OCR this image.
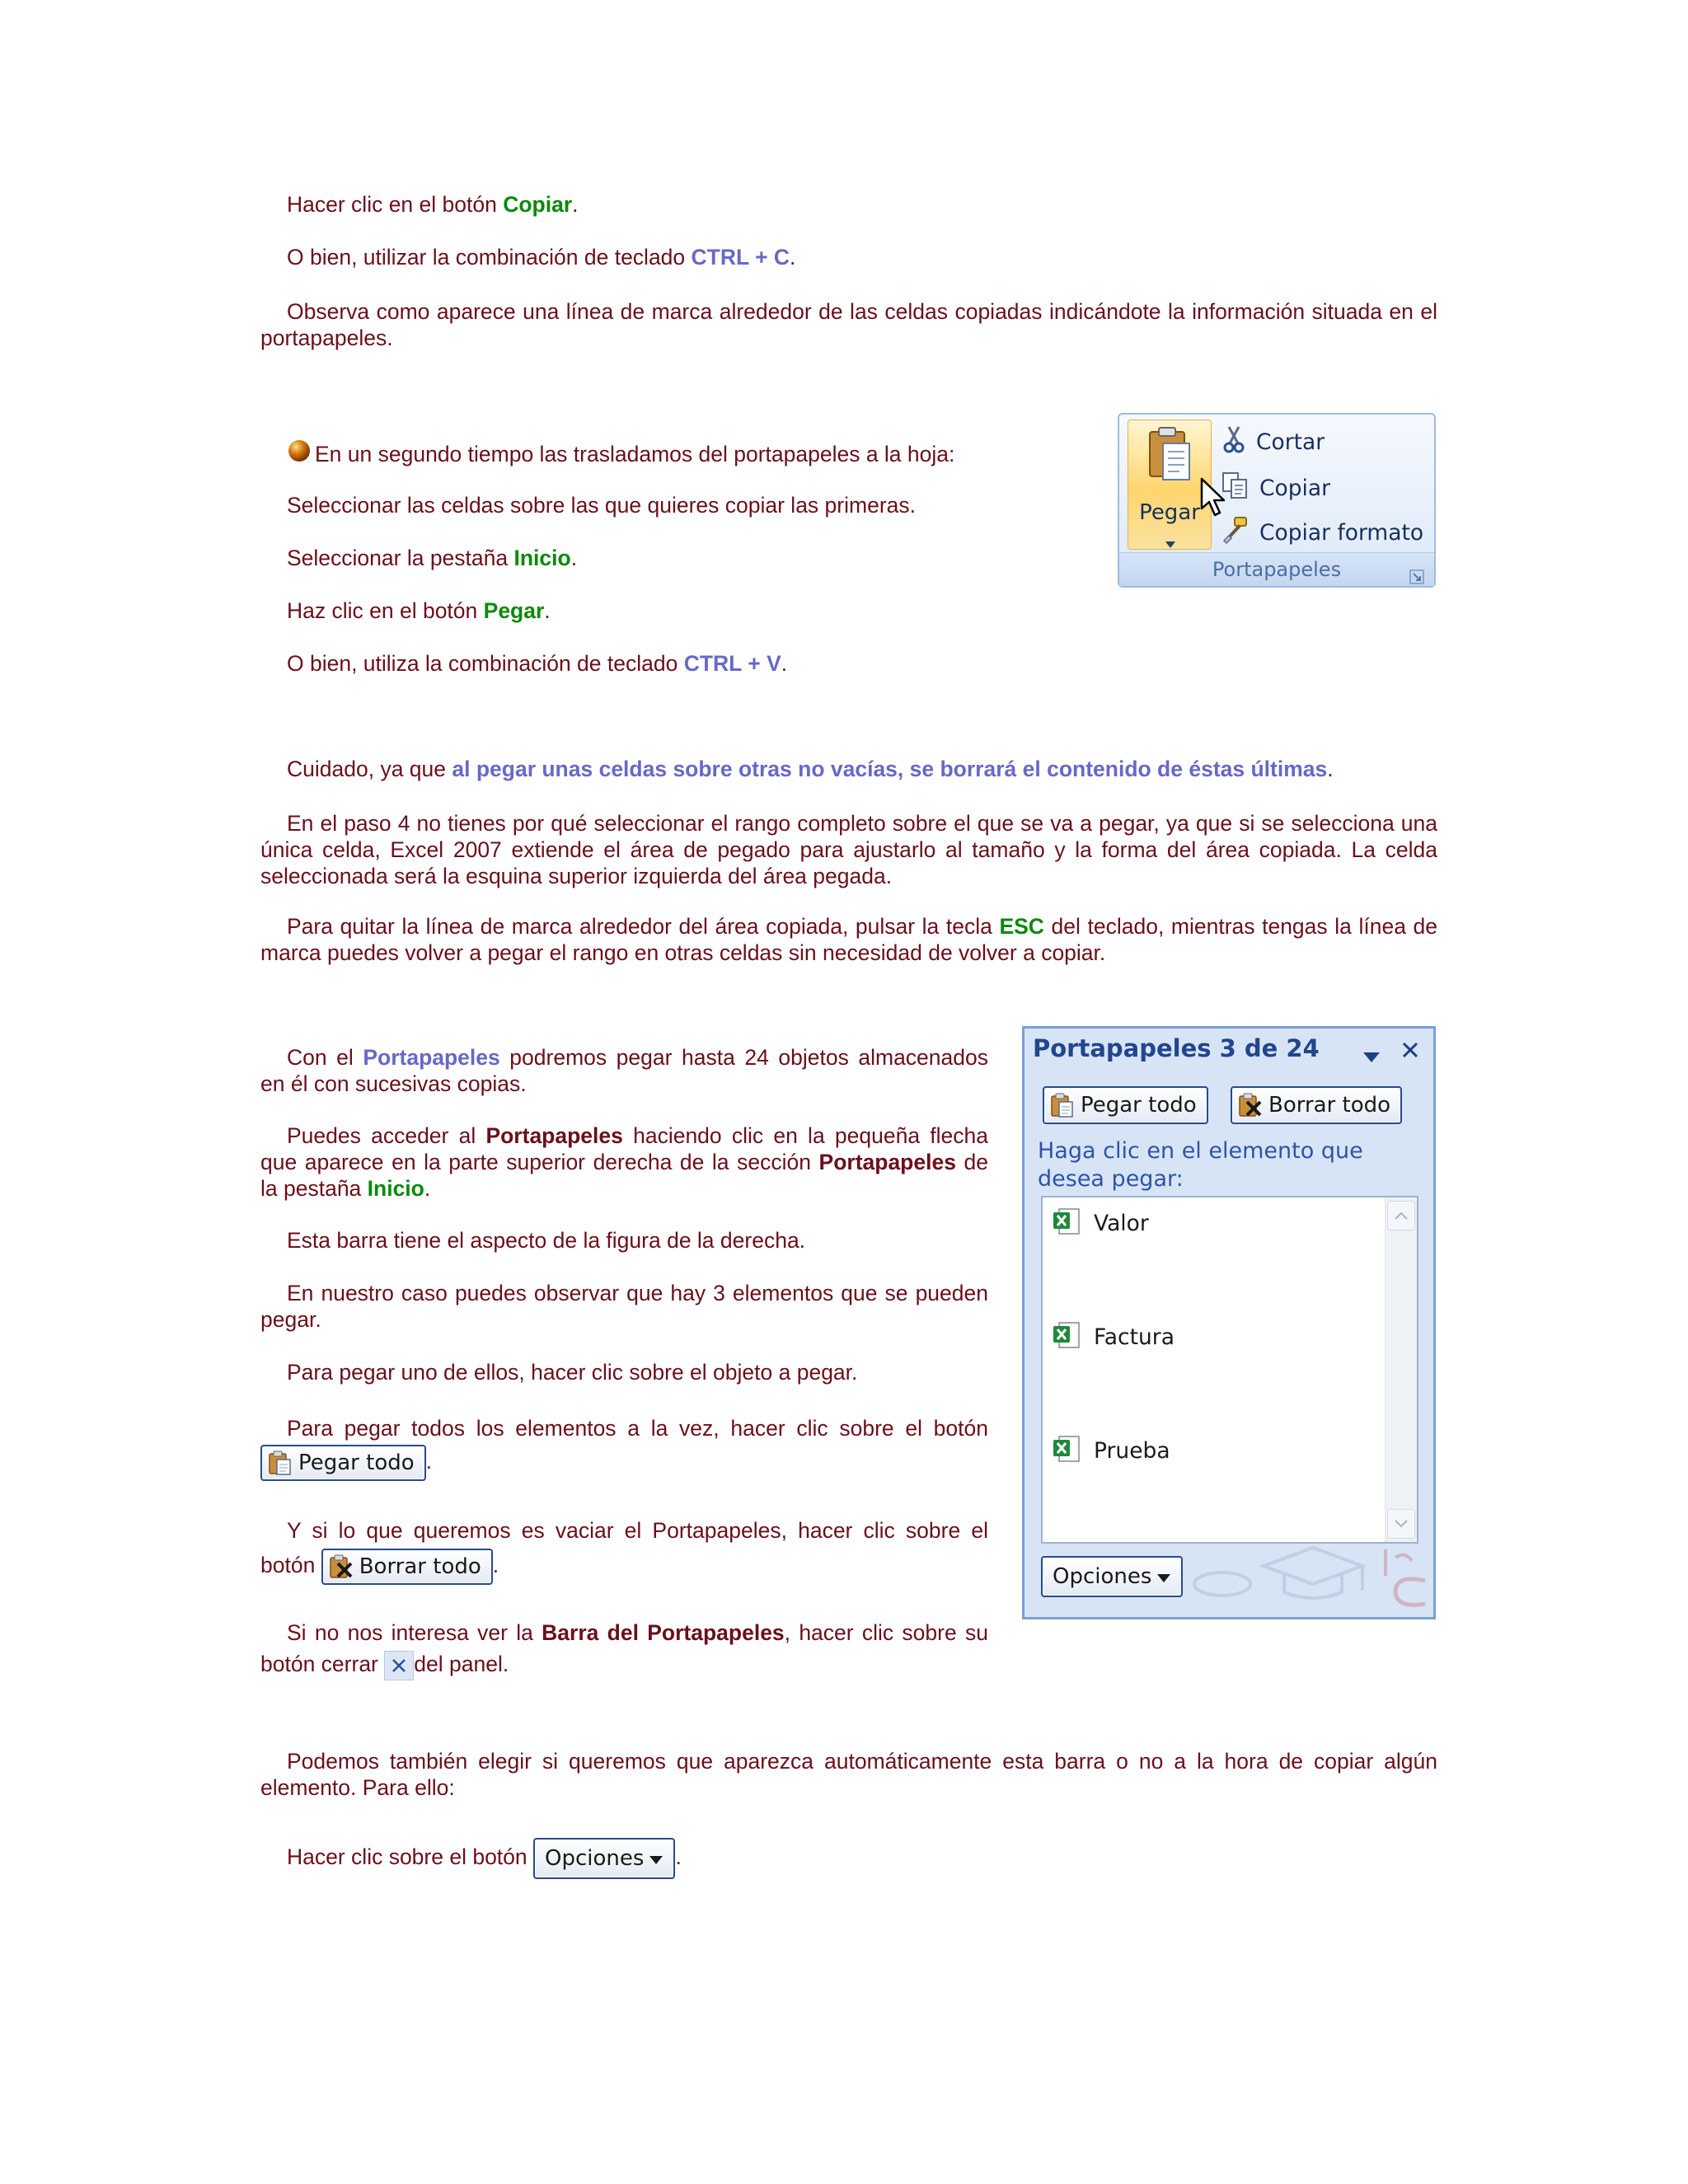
Hacer clic en el botón Copiar.

O bien, utilizar la combinación de teclado CTRL + C.

Observa como aparece una línea de marca alrededor de las celdas copiadas indicándote la información situada en el portapapeles.

En un segundo tiempo las trasladamos del portapapeles a la hoja:

Seleccionar las celdas sobre las que quieres copiar las primeras.

Seleccionar la pestaña Inicio.

Haz clic en el botón Pegar.

O bien, utiliza la combinación de teclado CTRL + V.

Pegar
Cortar
Copiar
Copiar formato
Portapapeles

Cuidado, ya que al pegar unas celdas sobre otras no vacías, se borrará el contenido de éstas últimas.

En el paso 4 no tienes por qué seleccionar el rango completo sobre el que se va a pegar, ya que si se selecciona una única celda, Excel 2007 extiende el área de pegado para ajustarlo al tamaño y la forma del área copiada. La celda seleccionada será la esquina superior izquierda del área pegada.

Para quitar la línea de marca alrededor del área copiada, pulsar la tecla ESC del teclado, mientras tengas la línea de marca puedes volver a pegar el rango en otras celdas sin necesidad de volver a copiar.

Con el Portapapeles podremos pegar hasta 24 objetos almacenados en él con sucesivas copias.

Puedes acceder al Portapapeles haciendo clic en la pequeña flecha que aparece en la parte superior derecha de la sección Portapapeles de la pestaña Inicio.

Esta barra tiene el aspecto de la figura de la derecha.

En nuestro caso puedes observar que hay 3 elementos que se pueden pegar.

Para pegar uno de ellos, hacer clic sobre el objeto a pegar.

Para pegar todos los elementos a la vez, hacer clic sobre el botón
Pegar todo .

Y si lo que queremos es vaciar el Portapapeles, hacer clic sobre el botón Borrar todo .

Si no nos interesa ver la Barra del Portapapeles, hacer clic sobre su botón cerrar del panel.

Portapapeles 3 de 24
Pegar todo	Borrar todo
Haga clic en el elemento que desea pegar:
Valor
Factura
Prueba
Opciones

Podemos también elegir si queremos que aparezca automáticamente esta barra o no a la hora de copiar algún elemento. Para ello:

Hacer clic sobre el botón Opciones .
